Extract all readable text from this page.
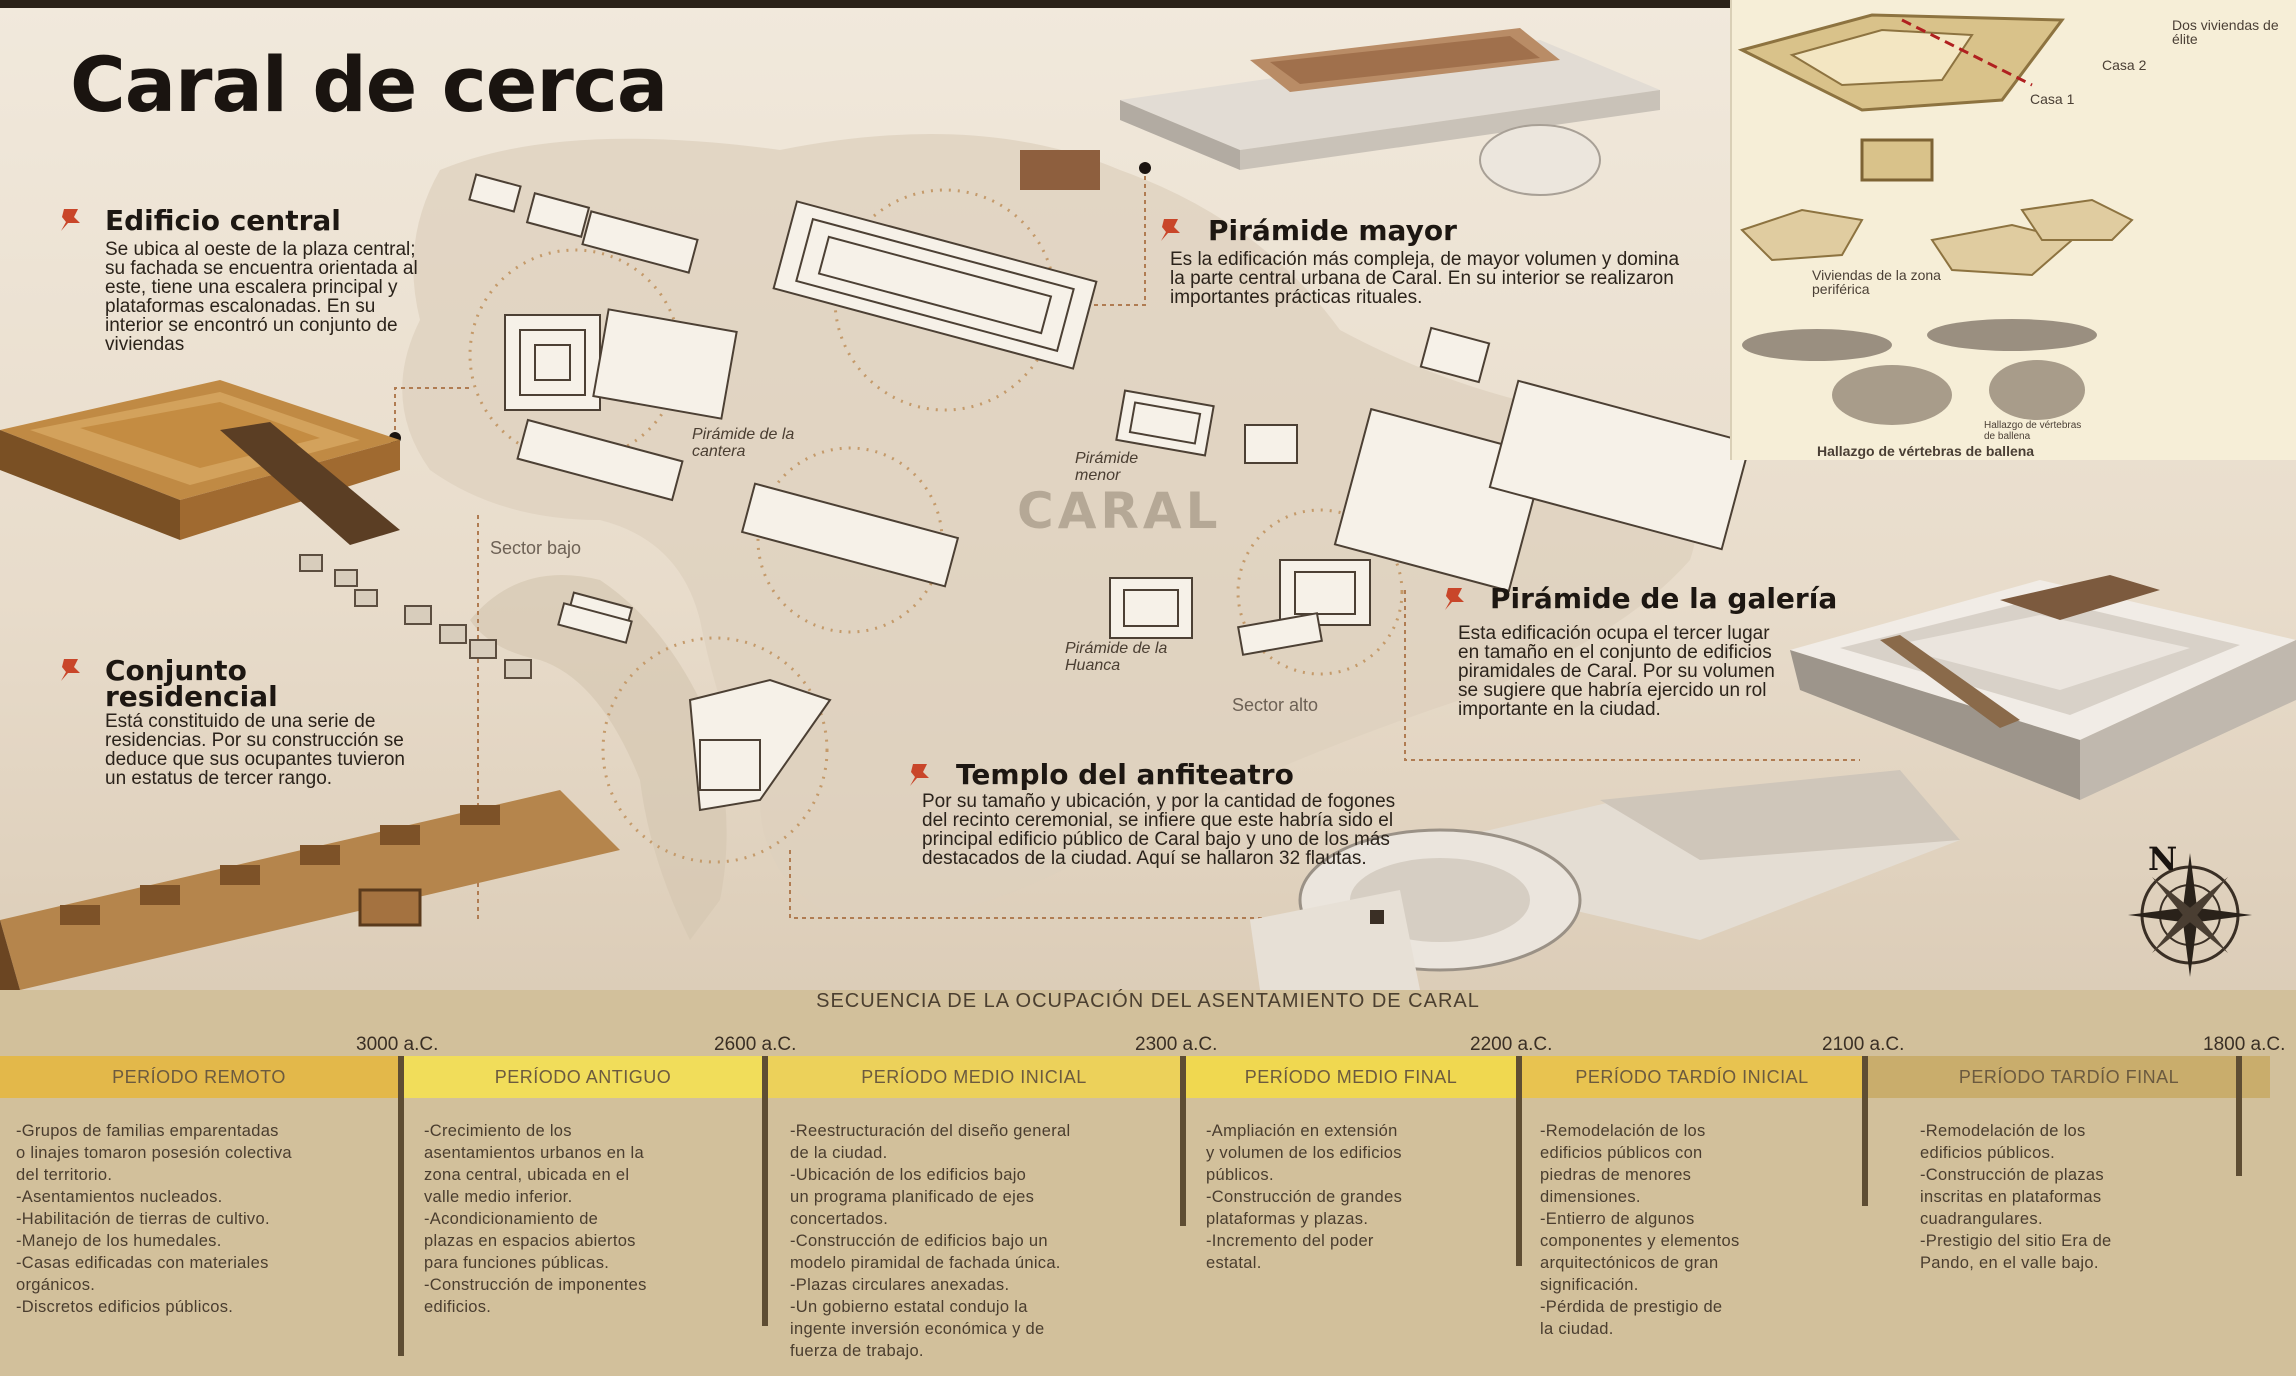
Caral de cerca
Edificio central

Se ubica al oeste de la plaza central; su fachada se encuentra orientada al este, tiene una escalera principal y plataformas escalonadas. En su interior se encontró un conjunto de viviendas

Pirámide mayor

Es la edificación más compleja, de mayor volumen y domina la parte central urbana de Caral. En su interior se realizaron importantes prácticas rituales.

Conjunto residencial

Está constituido de una serie de residencias. Por su construcción se deduce que sus ocupantes tuvieron un estatus de tercer rango.

Pirámide de la galería

Esta edificación ocupa el tercer lugar en tamaño en el conjunto de edificios piramidales de Caral. Por su volumen se sugiere que habría ejercido un rol importante en la ciudad.

Templo del anfiteatro

Por su tamaño y ubicación, y por la cantidad de fogones del recinto ceremonial, se infiere que este habría sido el principal edificio público de Caral bajo y uno de los más destacados de la ciudad. Aquí se hallaron 32 flautas.

CARAL
Sector bajo
Sector alto
Pirámide de la cantera	Pirámide menor
Pirámide de la Huanca
N
Dos viviendas de élite
Casa 2
Casa 1
Viviendas de la zona periférica
Hallazgo de vértebras de ballena
Hallazgo de vértebras de ballena
SECUENCIA DE LA OCUPACIÓN DEL ASENTAMIENTO DE CARAL
3000 a.C.	2600 a.C.	2300 a.C.	2200 a.C.	2100 a.C.	1800 a.C.
PERÍODO REMOTO	PERÍODO ANTIGUO	PERÍODO MEDIO INICIAL	PERÍODO MEDIO FINAL	PERÍODO TARDÍO INICIAL	PERÍODO TARDÍO FINAL
-Grupos de familias emparentadas
o linajes tomaron posesión colectiva
del territorio.
-Asentamientos nucleados.
-Habilitación de tierras de cultivo.
-Manejo de los humedales.
-Casas edificadas con materiales
orgánicos.
-Discretos edificios públicos.
-Crecimiento de los
asentamientos urbanos en la
zona central, ubicada en el
valle medio inferior.
-Acondicionamiento de
plazas en espacios abiertos
para funciones públicas.
-Construcción de imponentes
edificios.
-Reestructuración del diseño general
de la ciudad.
-Ubicación de los edificios bajo
un programa planificado de ejes
concertados.
-Construcción de edificios bajo un
modelo piramidal de fachada única.
-Plazas circulares anexadas.
-Un gobierno estatal condujo la
ingente inversión económica y de
fuerza de trabajo.
-Ampliación en extensión
y volumen de los edificios
públicos.
-Construcción de grandes
plataformas y plazas.
-Incremento del poder
estatal.
-Remodelación de los
edificios públicos con
piedras de menores
dimensiones.
-Entierro de algunos
componentes y elementos
arquitectónicos de gran
significación.
-Pérdida de prestigio de
la ciudad.
-Remodelación de los
edificios públicos.
-Construcción de plazas
inscritas en plataformas
cuadrangulares.
-Prestigio del sitio Era de
Pando, en el valle bajo.
